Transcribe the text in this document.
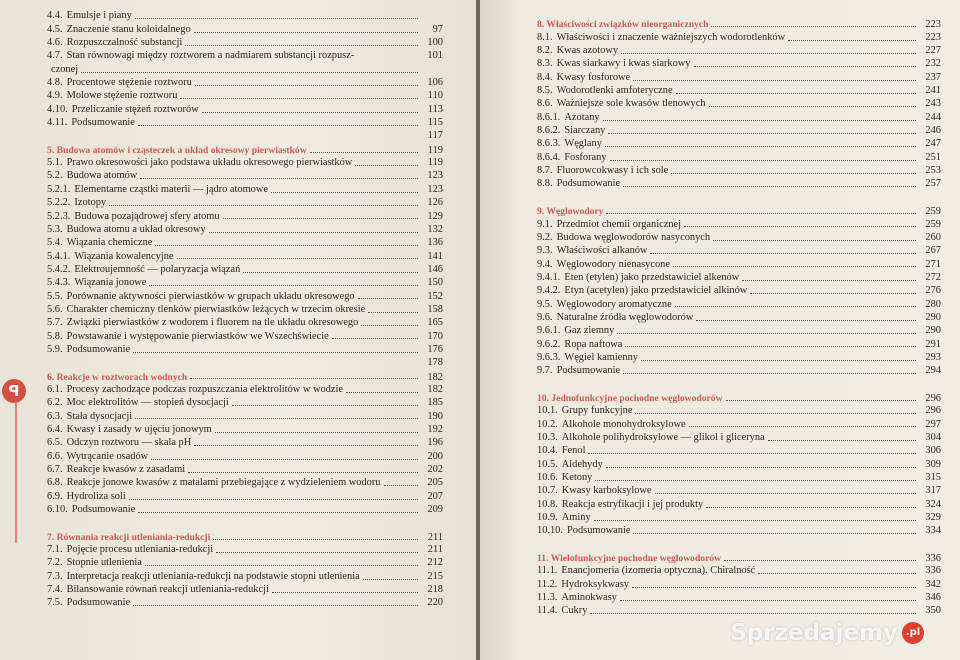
4.4. Emulsje i piany
4.5. Znaczenie stanu koloidalnego	97
4.6. Rozpuszczalność substancji	100
4.7. Stan równowagi między roztworem a nadmiarem substancji rozpusz-	101
czonej
4.8. Procentowe stężenie roztworu	106
4.9. Molowe stężenie roztworu	110
4.10. Przeliczanie stężeń roztworów	113
4.11. Podsumowanie	115
117
5. Budowa atomów i cząsteczek a układ okresowy pierwiastków	119
5.1. Prawo okresowości jako podstawa układu okresowego pierwiastków	119
5.2. Budowa atomów	123
5.2.1. Elementarne cząstki materii — jądro atomowe	123
5.2.2. Izotopy	126
5.2.3. Budowa pozajądrowej sfery atomu	129
5.3. Budowa atomu a układ okresowy	132
5.4. Wiązania chemiczne	136
5.4.1. Wiązania kowalencyjne	141
5.4.2. Elektroujemność — polaryzacja wiązań	146
5.4.3. Wiązania jonowe	150
5.5. Porównanie aktywności pierwiastków w grupach układu okresowego	152
5.6. Charakter chemiczny tlenków pierwiastków leżących w trzecim okresie	158
5.7. Związki pierwiastków z wodorem i fluorem na tle układu okresowego	165
5.8. Powstawanie i występowanie pierwiastków we Wszechświecie	170
5.9. Podsumowanie	176
178
6. Reakcje w roztworach wodnych	182
6.1. Procesy zachodzące podczas rozpuszczania elektrolitów w wodzie	182
6.2. Moc elektrolitów — stopień dysocjacji	185
6.3. Stała dysocjacji	190
6.4. Kwasy i zasady w ujęciu jonowym	192
6.5. Odczyn roztworu — skala pH	196
6.6. Wytrącanie osadów	200
6.7. Reakcje kwasów z zasadami	202
6.8. Reakcje jonowe kwasów z matalami przebiegające z wydzieleniem wodoru	205
6.9. Hydroliza soli	207
6.10. Podsumowanie	209
7. Równania reakcji utleniania-redukcji	211
7.1. Pojęcie procesu utleniania-redukcji	211
7.2. Stopnie utlenienia	212
7.3. Interpretacja reakcji utleniania-redukcji na podstawie stopni utlenienia	215
7.4. Bilansowanie równań reakcji utleniania-redukcji	218
7.5. Podsumowanie	220
ꟼ
8. Właściwości związków nieorganicznych	223
8.1. Właściwości i znaczenie ważniejszych wodorotlenków	223
8.2. Kwas azotowy	227
8.3. Kwas siarkawy i kwas siarkowy	232
8.4. Kwasy fosforowe	237
8.5. Wodorotlenki amfoteryczne	241
8.6. Ważniejsze sole kwasów tlenowych	243
8.6.1. Azotany	244
8.6.2. Siarczany	246
8.6.3. Węglany	247
8.6.4. Fosforany	251
8.7. Fluorowcokwasy i ich sole	253
8.8. Podsumowanie	257
9. Węglowodory	259
9.1. Przedmiot chemii organicznej	259
9.2. Budowa węglowodorów nasyconych	260
9.3. Właściwości alkanów	267
9.4. Węglowodory nienasycone	271
9.4.1. Eten (etylen) jako przedstawiciel alkenów	272
9.4.2. Etyn (acetylen) jako przedstawiciel alkinów	276
9.5. Węglowodory aromatyczne	280
9.6. Naturalne źródła węglowodorów	290
9.6.1. Gaz ziemny	290
9.6.2. Ropa naftowa	291
9.6.3. Węgiel kamienny	293
9.7. Podsumowanie	294
10. Jednofunkcyjne pochodne węglowodorów	296
10.1. Grupy funkcyjne	296
10.2. Alkohole monohydroksylowe	297
10.3. Alkohole polihydroksylowe — glikol i gliceryna	304
10.4. Fenol	306
10.5. Aldehydy	309
10.6. Ketony	315
10.7. Kwasy karboksylowe	317
10.8. Reakcja estryfikacji i jej produkty	324
10.9. Aminy	329
10.10. Podsumowanie	334
11. Wielofunkcyjne pochodne węglowodorów	336
11.1. Enancjomeria (izomeria optyczna). Chiralność	336
11.2. Hydroksykwasy	342
11.3. Aminokwasy	346
11.4. Cukry	350
Sprzedajemy .pl
